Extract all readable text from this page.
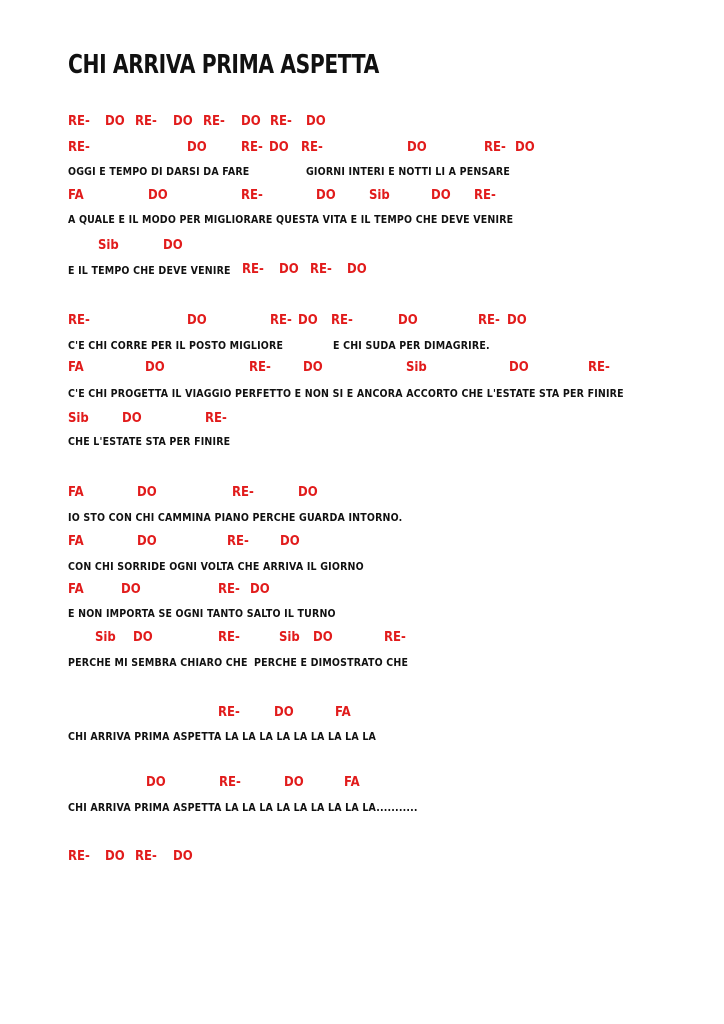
CHI ARRIVA PRIMA ASPETTA
RE- DO RE- DO RE- DO RE- DO
RE-	DO	RE- DO RE-	DO	RE- DO
OGGI E TEMPO DI DARSI DA FARE	GIORNI INTERI E NOTTI LI A PENSARE
FA	DO	RE-	DO	Sib	DO RE-
A QUALE E IL MODO PER MIGLIORARE QUESTA VITA E IL TEMPO CHE DEVE VENIRE
Sib	DO
E IL TEMPO CHE DEVE VENIRE RE- DO RE- DO
RE-	DO	RE- DO RE-	DO	RE- DO
C'E CHI CORRE PER IL POSTO MIGLIORE	E CHI SUDA PER DIMAGRIRE.
FA	DO	RE- DO	Sib	DO	RE-
C'E CHI PROGETTA IL VIAGGIO PERFETTO E NON SI E ANCORA ACCORTO CHE L'ESTATE STA PER FINIRE
Sib	DO	RE-
CHE L'ESTATE STA PER FINIRE
FA	DO	RE-	DO
IO STO CON CHI CAMMINA PIANO PERCHE GUARDA INTORNO.
FA	DO	RE- DO
CON CHI SORRIDE OGNI VOLTA CHE ARRIVA IL GIORNO
FA	DO	RE- DO
E NON IMPORTA SE OGNI TANTO SALTO IL TURNO
Sib DO	RE-	Sib DO	RE-
PERCHE MI SEMBRA CHIARO CHE PERCHE E DIMOSTRATO CHE
RE-	DO	FA
CHI ARRIVA PRIMA ASPETTA LA LA LA LA LA LA LA LA LA
DO	RE-	DO	FA
CHI ARRIVA PRIMA ASPETTA LA LA LA LA LA LA LA LA LA...........
RE- DO RE- DO
